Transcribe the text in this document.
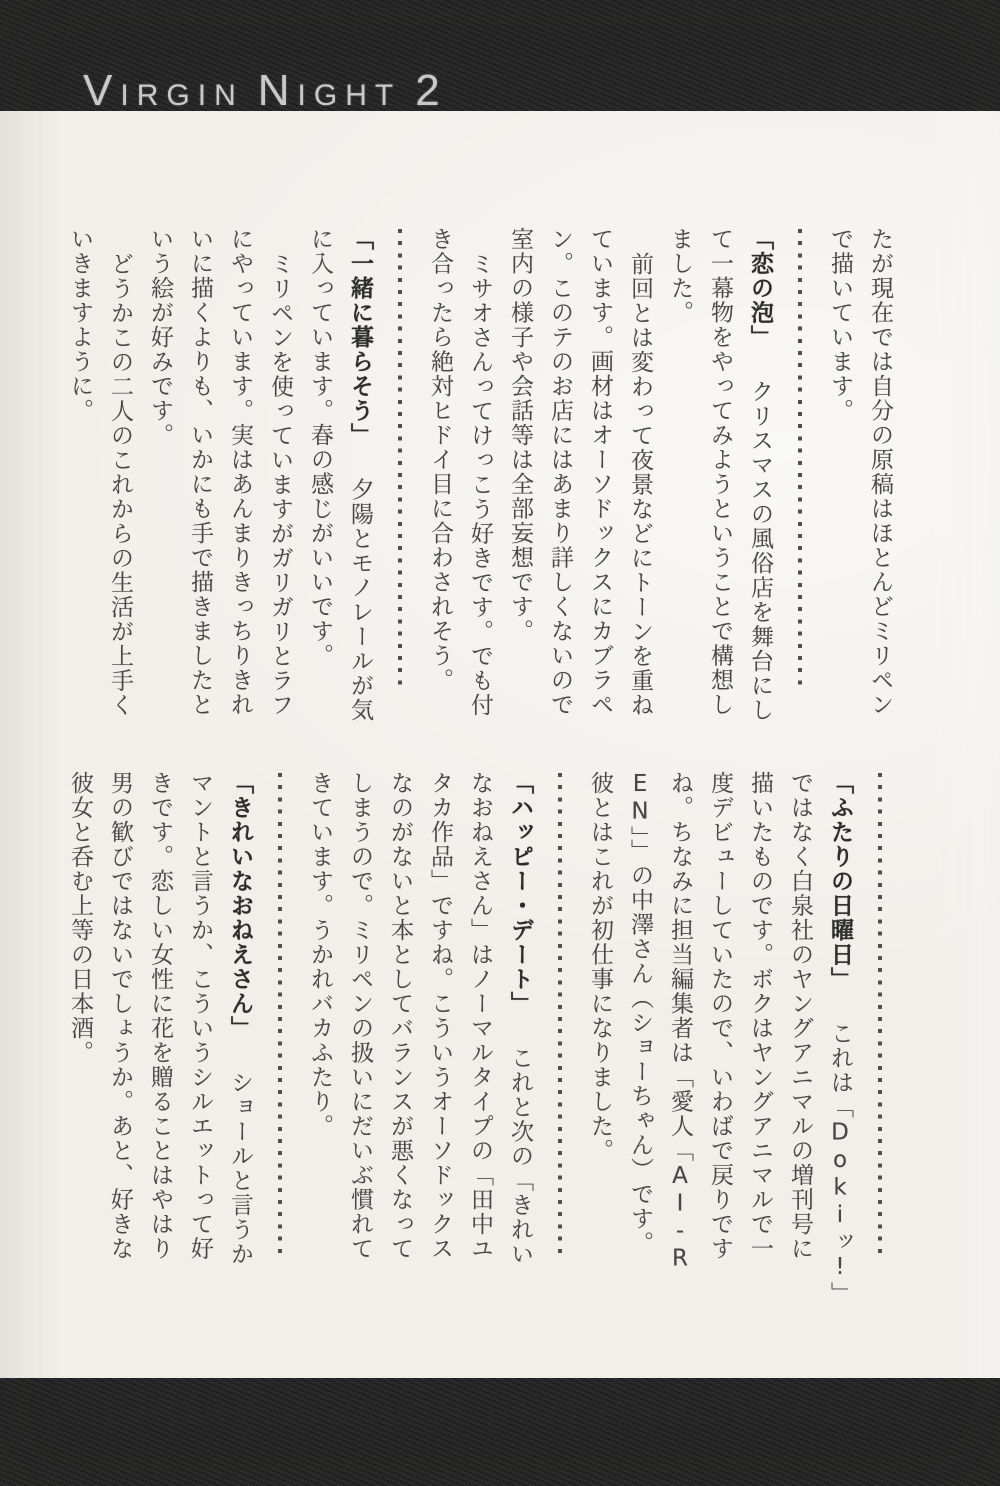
VIRGIN NIGHT 2
たが現在では自分の原稿はほとんどミリペン
で描いています。
「恋の泡」クリスマスの風俗店を舞台にし
て一幕物をやってみようということで構想し
ました。
前回とは変わって夜景などにトーンを重ね
ています。画材はオーソドックスにカブラペ
ン。このテのお店にはあまり詳しくないので
室内の様子や会話等は全部妄想です。
ミサオさんってけっこう好きです。でも付
き合ったら絶対ヒドイ目に合わされそう。
「一緒に暮らそう」夕陽とモノレールが気
に入っています。春の感じがいいです。
ミリペンを使っていますがガリガリとラフ
にやっています。実はあんまりきっちりきれ
いに描くよりも、いかにも手で描きましたと
いう絵が好みです。
どうかこの二人のこれからの生活が上手く
いきますように。
「ふたりの日曜日」これは「Dokiッ!」
ではなく白泉社のヤングアニマルの増刊号に
描いたものです。ボクはヤングアニマルで一
度デビューしていたので、いわばで戻りです
ね。ちなみに担当編集者は「愛人「AI-R
EN」」の中澤さん（ショーちゃん）です。
彼とはこれが初仕事になりました。
「ハッピー・デート」これと次の「きれい
なおねえさん」はノーマルタイプの「田中ユ
タカ作品」ですね。こういうオーソドックス
なのがないと本としてバランスが悪くなって
しまうので。ミリペンの扱いにだいぶ慣れて
きています。うかれバカふたり。
「きれいなおねえさん」ショールと言うか
マントと言うか、こういうシルエットって好
きです。恋しい女性に花を贈ることはやはり
男の歓びではないでしょうか。あと、好きな
彼女と呑む上等の日本酒。
